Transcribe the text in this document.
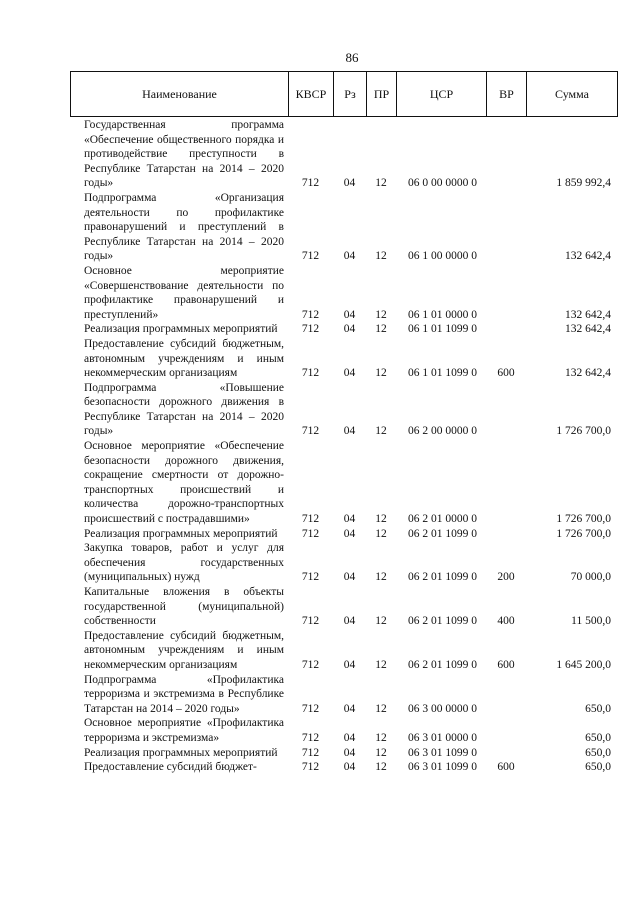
86
Наименование	КВСР	Рз	ПР	ЦСР	ВР	Сумма
Государственная программа «Обеспечение общественного порядка и противодействие преступности в Республике Татарстан на 2014 – 2020 годы»	712	04	12	06 0 00 0000 0		1 859 992,4
Подпрограмма «Организация деятельности по профилактике правонарушений и преступлений в Республике Татарстан на 2014 – 2020 годы»	712	04	12	06 1 00 0000 0		132 642,4
Основное мероприятие «Совершенствование деятельности по профилактике правонарушений и преступлений»	712	04	12	06 1 01 0000 0		132 642,4
Реализация программных мероприятий	712	04	12	06 1 01 1099 0		132 642,4
Предоставление субсидий бюджетным, автономным учреждениям и иным некоммерческим организациям	712	04	12	06 1 01 1099 0	600	132 642,4
Подпрограмма «Повышение безопасности дорожного движения в Республике Татарстан на 2014 – 2020 годы»	712	04	12	06 2 00 0000 0		1 726 700,0
Основное мероприятие «Обеспечение безопасности дорожного движения, сокращение смертности от дорожно-транспортных происшествий и количества дорожно-транспортных происшествий с пострадавшими»	712	04	12	06 2 01 0000 0		1 726 700,0
Реализация программных мероприятий	712	04	12	06 2 01 1099 0		1 726 700,0
Закупка товаров, работ и услуг для обеспечения государственных (муниципальных) нужд	712	04	12	06 2 01 1099 0	200	70 000,0
Капитальные вложения в объекты государственной (муниципальной) собственности	712	04	12	06 2 01 1099 0	400	11 500,0
Предоставление субсидий бюджетным, автономным учреждениям и иным некоммерческим организациям	712	04	12	06 2 01 1099 0	600	1 645 200,0
Подпрограмма «Профилактика терроризма и экстремизма в Республике Татарстан на 2014 – 2020 годы»	712	04	12	06 3 00 0000 0		650,0
Основное мероприятие «Профилактика терроризма и экстремизма»	712	04	12	06 3 01 0000 0		650,0
Реализация программных мероприятий	712	04	12	06 3 01 1099 0		650,0
Предоставление субсидий бюджет-	712	04	12	06 3 01 1099 0	600	650,0
